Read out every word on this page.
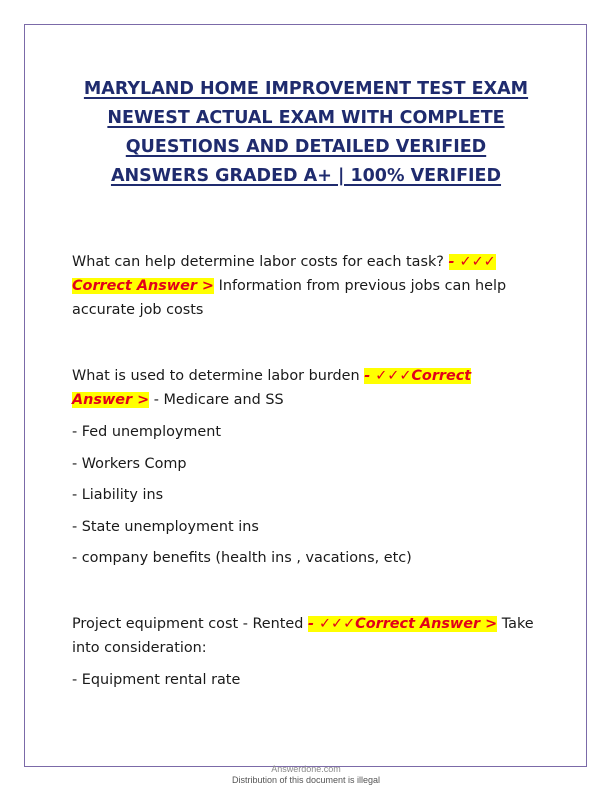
MARYLAND HOME IMPROVEMENT TEST EXAM
NEWEST ACTUAL EXAM WITH COMPLETE
QUESTIONS AND DETAILED VERIFIED
ANSWERS GRADED A+ | 100% VERIFIED
What can help determine labor costs for each task? - ✓✓✓
Correct Answer > Information from previous jobs can help
accurate job costs
What is used to determine labor burden - ✓✓✓Correct
Answer > - Medicare and SS
- Fed unemployment
- Workers Comp
- Liability ins
- State unemployment ins
- company benefits (health ins , vacations, etc)
Project equipment cost - Rented - ✓✓✓Correct Answer > Take
into consideration:
- Equipment rental rate
Answerdone.com
Distribution of this document is illegal
